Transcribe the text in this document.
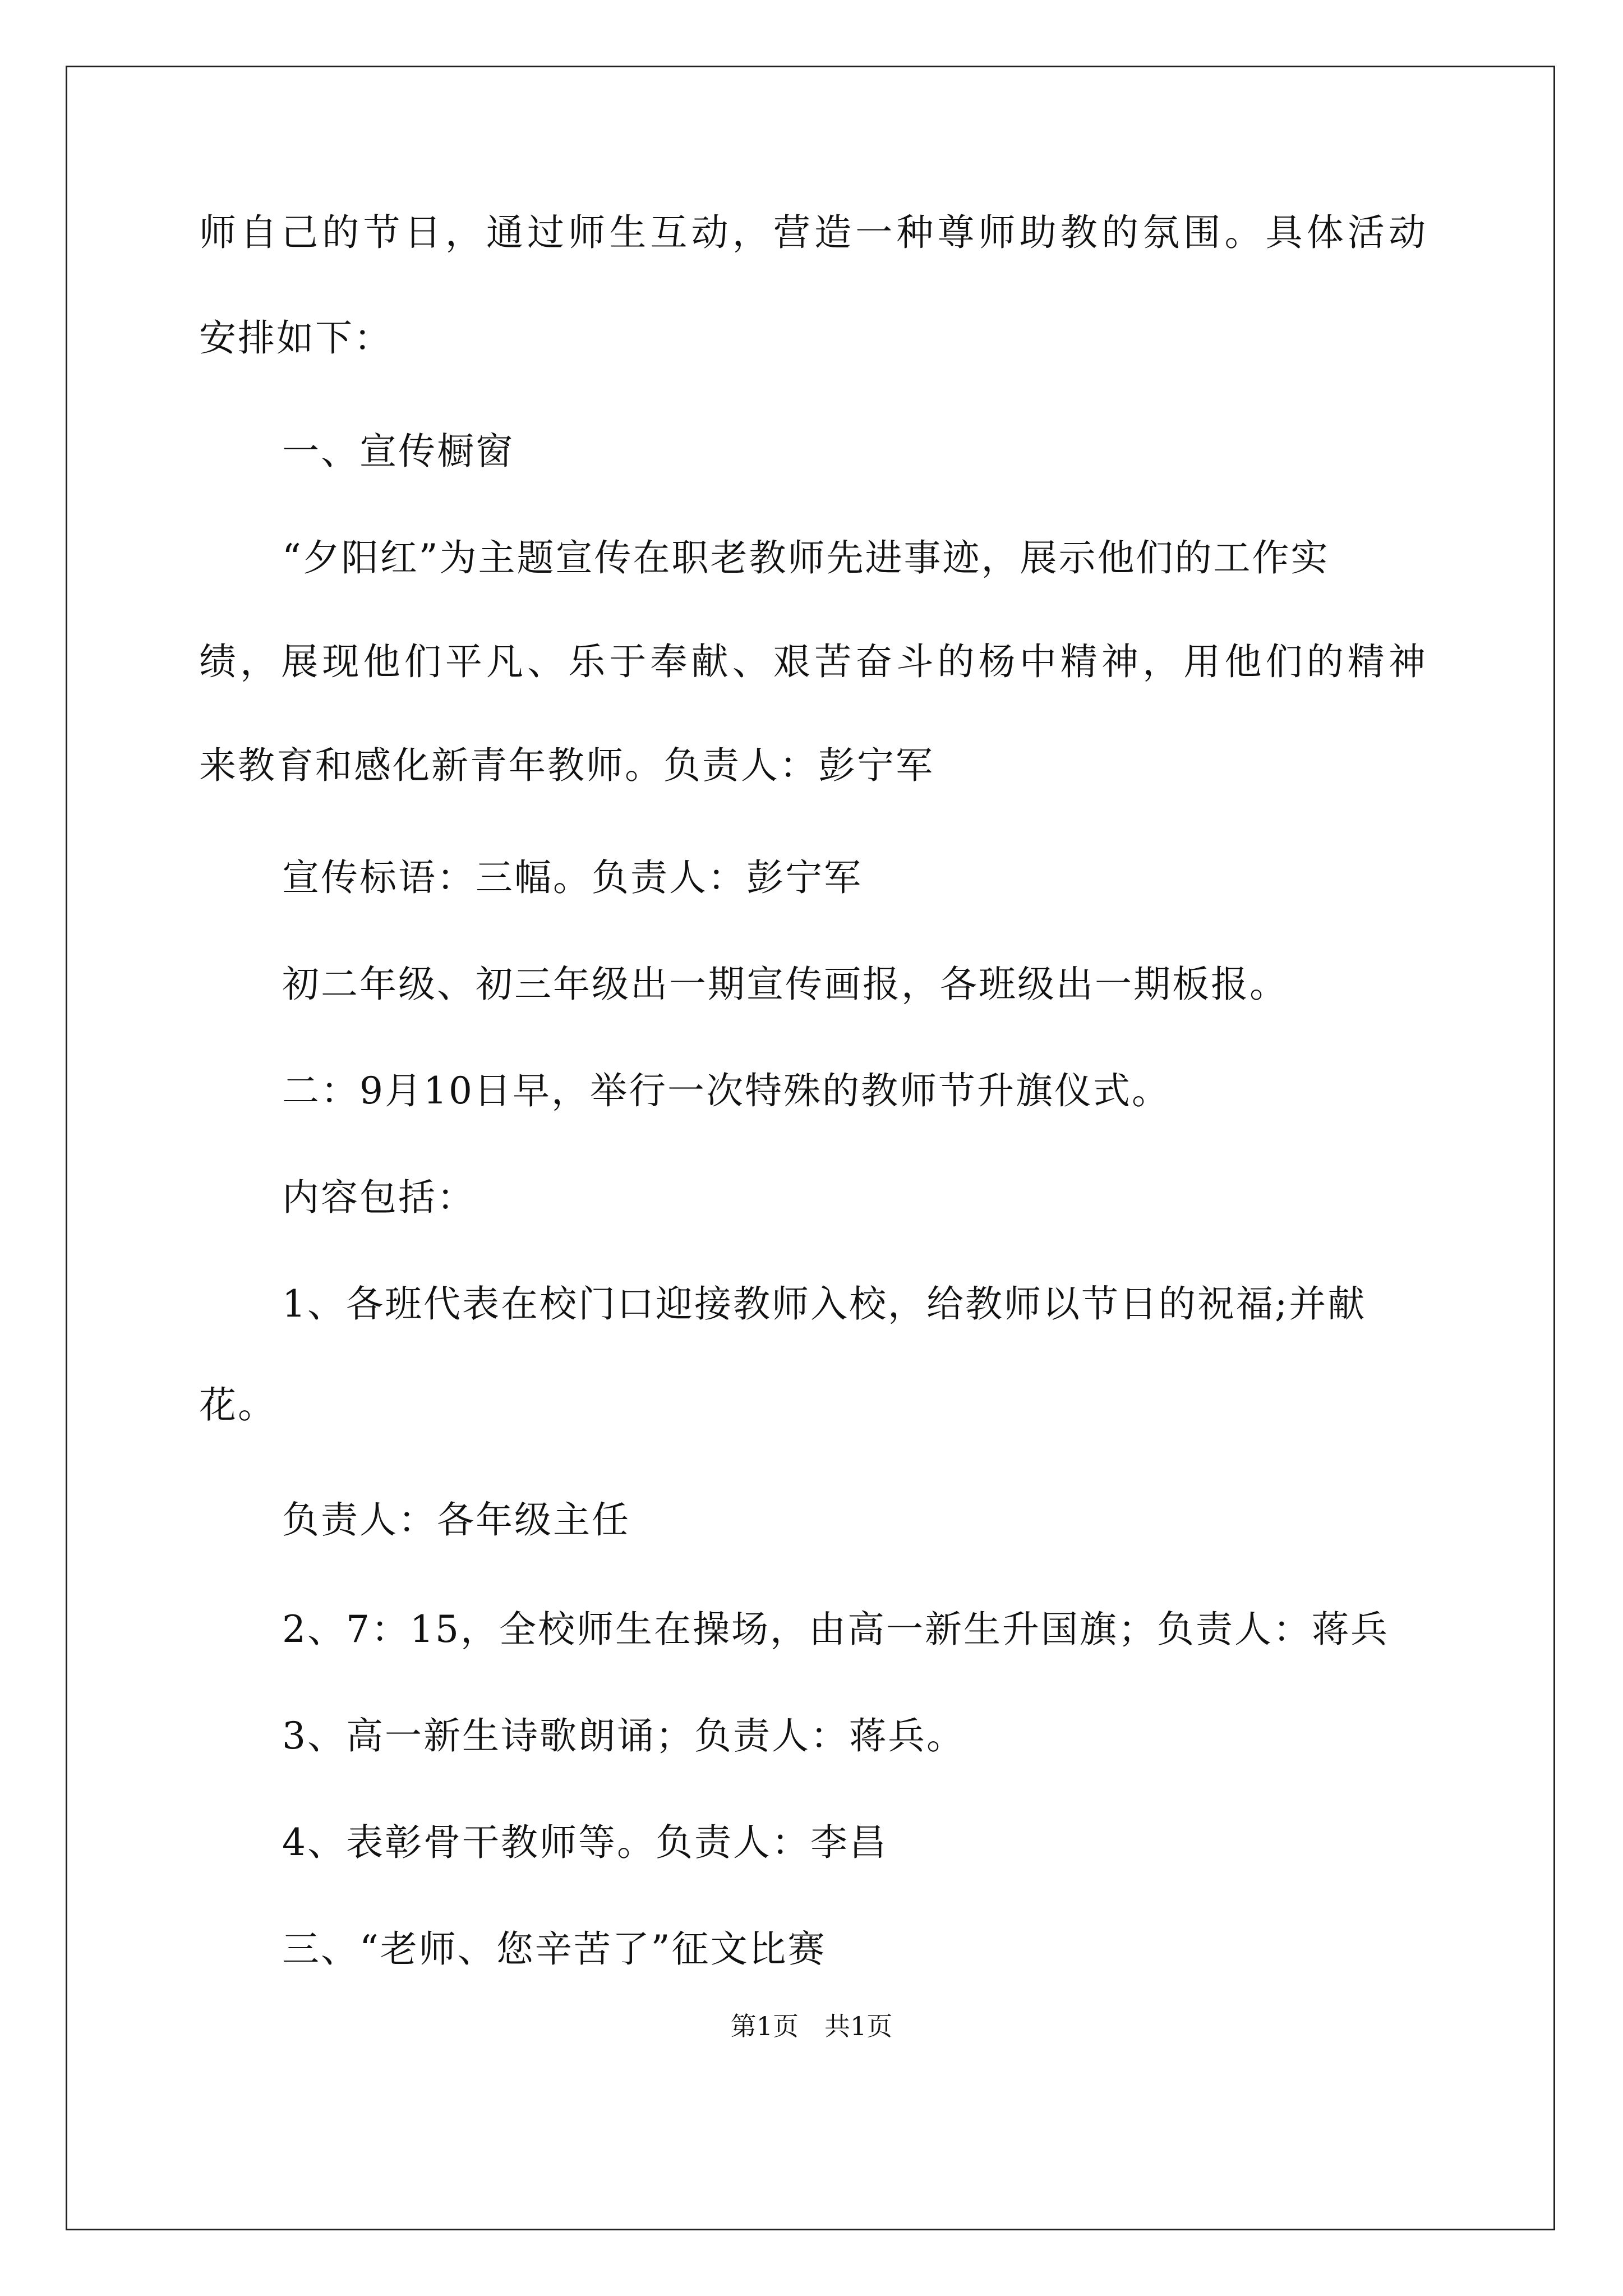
师自己的节日，通过师生互动，营造一种尊师助教的氛围。具体活动
安排如下：
一、宣传橱窗
“夕阳红”为主题宣传在职老教师先进事迹，展示他们的工作实
绩，展现他们平凡、乐于奉献、艰苦奋斗的杨中精神，用他们的精神
来教育和感化新青年教师。负责人：彭宁军
宣传标语：三幅。负责人：彭宁军
初二年级、初三年级出一期宣传画报，各班级出一期板报。
二：9月10日早，举行一次特殊的教师节升旗仪式。
内容包括：
1、各班代表在校门口迎接教师入校，给教师以节日的祝福;并献
花。
负责人：各年级主任
2、7：15，全校师生在操场，由高一新生升国旗；负责人：蒋兵
3、高一新生诗歌朗诵；负责人：蒋兵。
4、表彰骨干教师等。负责人：李昌
三、“老师、您辛苦了”征文比赛
第1页　共1页
